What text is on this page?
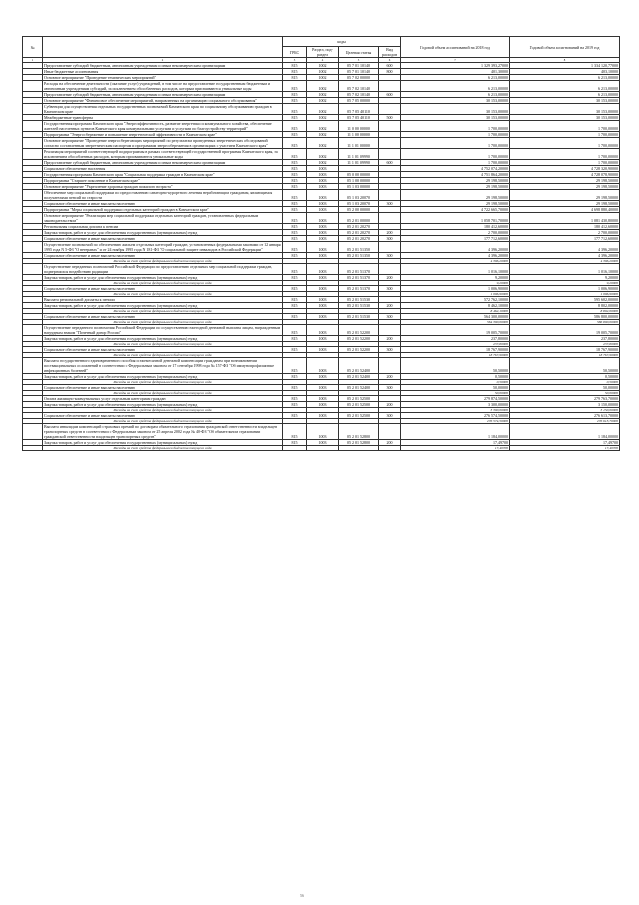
№		коды				Годовой объем ассигнований на 2018 год	Годовой объем ассигнований на 2019 год
		ГРБС	Раздел, под-раздел	Целевая статья	Вид расходов		
1	2	3	4	5	6	7	8
	Предоставление субсидий бюджетным, автономным учреждениям и иным некоммерческим организациям	815	1002	05 7 01 10140	600	1 329 393,27000	1 334 120,77000
	Иные бюджетные ассигнования	815	1002	05 7 01 10140	800	401,30000	403,10000
	Основное мероприятие "Проведение тематических мероприятий"	815	1002	05 7 02 00000		6 213,00000	6 213,00000
	Расходы на обеспечение деятельности (оказание услуг) учреждений, в том числе на предоставление государственным бюджетным и автономным учреждениям субсидий, за исключением обособленных расходов, которым присваиваются уникальные коды	815	1002	05 7 02 10140		6 213,00000	6 213,00000
	Предоставление субсидий бюджетным, автономным учреждениям и иным некоммерческим организациям	815	1002	05 7 02 10140	600	6 213,00000	6 213,00000
	Основное мероприятие "Финансовое обеспечение мероприятий, направленных на организацию социального обслуживания"	815	1002	05 7 05 00000		30 153,00000	30 153,00000
	Субвенции для осуществления отдельных государственных полномочий Камчатского края по социальному обслуживанию граждан в Камчатском крае	815	1002	05 7 05 40110		30 153,00000	30 153,00000
	Межбюджетные трансферты	815	1002	05 7 05 40110	500	30 153,00000	30 153,00000
	Государственная программа Камчатского края "Энергоэффективность, развитие энергетики и коммунального хозяйства, обеспечение жителей населенных пунктов Камчатского края коммунальными услугами и услугами по благоустройству территорий"	815	1002	11 0 00 00000		1 700,00000	1 700,00000
	Подпрограмма "Энергосбережение и повышение энергетической эффективности в Камчатском крае"	815	1002	11 1 00 00000		1 700,00000	1 700,00000
	Основное мероприятие "Проведение энергосберегающих мероприятий по результатам проведенных энергетических обследований согласно составленным энергетическим паспортам и программам энергосбережения в организациях с участием Камчатского края"	815	1002	11 1 01 00000		1 700,00000	1 700,00000
	Реализация мероприятий соответствующей подпрограммы в рамках соответствующей государственной программы Камчатского края, за исключением обособленных расходов, которым присваиваются уникальные коды	815	1002	11 1 01 09990		1 700,00000	1 700,00000
	Предоставление субсидий бюджетным, автономным учреждениям и иным некоммерческим организациям	815	1002	11 1 01 09990	600	1 700,00000	1 700,00000
	Социальное обеспечение населения	815	1003			4 752 074,20000	4 728 320,90000
	Государственная программа Камчатского края "Социальная поддержка граждан в Камчатском крае"	815	1003	05 0 00 00000		4 751 864,20000	4 728 078,90000
	Подпрограмма "Старшее поколение в Камчатском крае"	815	1003	05 1 00 00000		29 198,50000	29 198,50000
	Основное мероприятие "Укрепление здоровья граждан пожилого возраста"	815	1003	05 1 03 00000		29 198,50000	29 198,50000
	Обеспечение мер социальной поддержки по предоставлению санаторно-курортного лечения неработающим гражданам, являющимся получателями пенсий по старости	815	1003	05 1 03 20070		29 198,50000	29 198,50000
	Социальное обеспечение и иные выплаты населению	815	1003	05 1 03 20070	300	29 198,50000	29 198,50000
	Подпрограмма "Меры социальной поддержки отдельных категорий граждан в Камчатском крае"	815	1003	05 2 00 00000		4 722 665,70000	4 698 880,40000
	Основное мероприятие "Реализация мер социальной поддержки отдельных категорий граждан, установленных федеральным законодательством"	815	1003	05 2 01 00000		1 058 701,70000	1 081 430,80000
	Региональная социальная доплата к пенсии	815	1003	05 2 01 20270		180 412,60000	180 412,60000
	Закупка товаров, работ и услуг для обеспечения государственных (муниципальных) нужд	815	1003	05 2 01 20270	200	2 700,00000	2 700,00000
	Социальное обеспечение и иные выплаты населению	815	1003	05 2 01 20270	300	177 712,60000	177 712,60000
	Осуществление полномочий по обеспечению жильем отдельных категорий граждан, установленных федеральными законами от 12 января 1995 года N 5-ФЗ "О ветеранах" и от 24 ноября 1995 года N 181-ФЗ "О социальной защите инвалидов в Российской Федерации"	815	1003	05 2 01 51350		4 396,20000	4 396,20000
	Социальное обеспечение и иные выплаты населению	815	1003	05 2 01 51350	300	4 396,20000	4 396,20000
	Расходы за счет средств федерального бюджета текущего года					4 396,20000	4 396,20000
	Осуществление переданных полномочий Российской Федерации по предоставлению отдельных мер социальной поддержки граждан, подвергшихся воздействию радиации	815	1003	05 2 01 51370		1 016,10000	1 016,10000
	Закупка товаров, работ и услуг для обеспечения государственных (муниципальных) нужд	815	1003	05 2 01 51370	200	9,20000	9,20000
	Расходы за счет средств федерального бюджета текущего года					9,20000	9,20000
	Социальное обеспечение и иные выплаты населению	815	1003	05 2 01 51370	300	1 006,90000	1 006,90000
	Расходы за счет средств федерального бюджета текущего года					1 006,90000	1 006,90000
	Выплата региональной доплаты к пенсии	815	1003	05 2 01 51530		572 762,10000	595 602,00000
	Закупка товаров, работ и услуг для обеспечения государственных (муниципальных) нужд	815	1003	05 2 01 51530	200	8 462,10000	8 802,00000
	Расходы за счет средств федерального бюджета текущего года					8 462,10000	8 802,00000
	Социальное обеспечение и иные выплаты населению	815	1003	05 2 01 51530	300	564 300,00000	586 800,00000
	Расходы за счет средств федерального бюджета текущего года					564 300,00000	586 800,00000
	Осуществление переданного полномочия Российской Федерации по осуществлению ежегодной денежной выплаты лицам, награжденным нагрудным знаком "Почетный донор России"	815	1003	05 2 01 52200		19 005,70000	19 005,70000
	Закупка товаров, работ и услуг для обеспечения государственных (муниципальных) нужд	815	1003	05 2 01 52200	200	237,80000	237,80000
	Расходы за счет средств федерального бюджета текущего года					237,80000	237,80000
	Социальное обеспечение и иные выплаты населению	815	1003	05 2 01 52200	300	18 767,90000	18 767,90000
	Расходы за счет средств федерального бюджета текущего года					18 767,90000	18 767,90000
	Выплата государственного единовременного пособия и ежемесячной денежной компенсации гражданам при возникновении поствакцинальных осложнений в соответствии с Федеральным законом от 17 сентября 1998 года № 157-ФЗ "Об иммунопрофилактике инфекционных болезней"	815	1003	05 2 01 52400		50,50000	50,50000
	Закупка товаров, работ и услуг для обеспечения государственных (муниципальных) нужд	815	1003	05 2 01 52400	200	0,50000	0,50000
	Расходы за счет средств федерального бюджета текущего года					0,50000	0,50000
	Социальное обеспечение и иные выплаты населению	815	1003	05 2 01 52400	300	50,00000	50,00000
	Расходы за счет средств федерального бюджета текущего года					50,00000	50,00000
	Оплата жилищно-коммунальных услуг отдельным категориям граждан	815	1003	05 2 01 52500		279 874,50000	279 763,70000
	Закупка товаров, работ и услуг для обеспечения государственных (муниципальных) нужд	815	1003	05 2 01 52500	200	3 300,00000	3 150,00000
	Расходы за счет средств федерального бюджета текущего года					3 300,00000	3 150,00000
	Социальное обеспечение и иные выплаты населению	815	1003	05 2 01 52500	300	276 574,50000	276 613,70000
	Расходы за счет средств федерального бюджета текущего года					276 574,50000	276 613,70000
	Выплата инвалидам компенсаций страховых премий по договорам обязательного страхования гражданской ответственности владельцев транспортных средств в соответствии с Федеральным законом от 25 апреля 2002 года № 40-ФЗ "Об обязательном страховании гражданской ответственности владельцев транспортных средств"	815	1003	05 2 01 52800		1 184,00000	1 184,00000
	Закупка товаров, работ и услуг для обеспечения государственных (муниципальных) нужд	815	1003	05 2 01 52800	200	17,49700	17,49700
	Расходы за счет средств федерального бюджета текущего года					17,49700	17,49700
56
